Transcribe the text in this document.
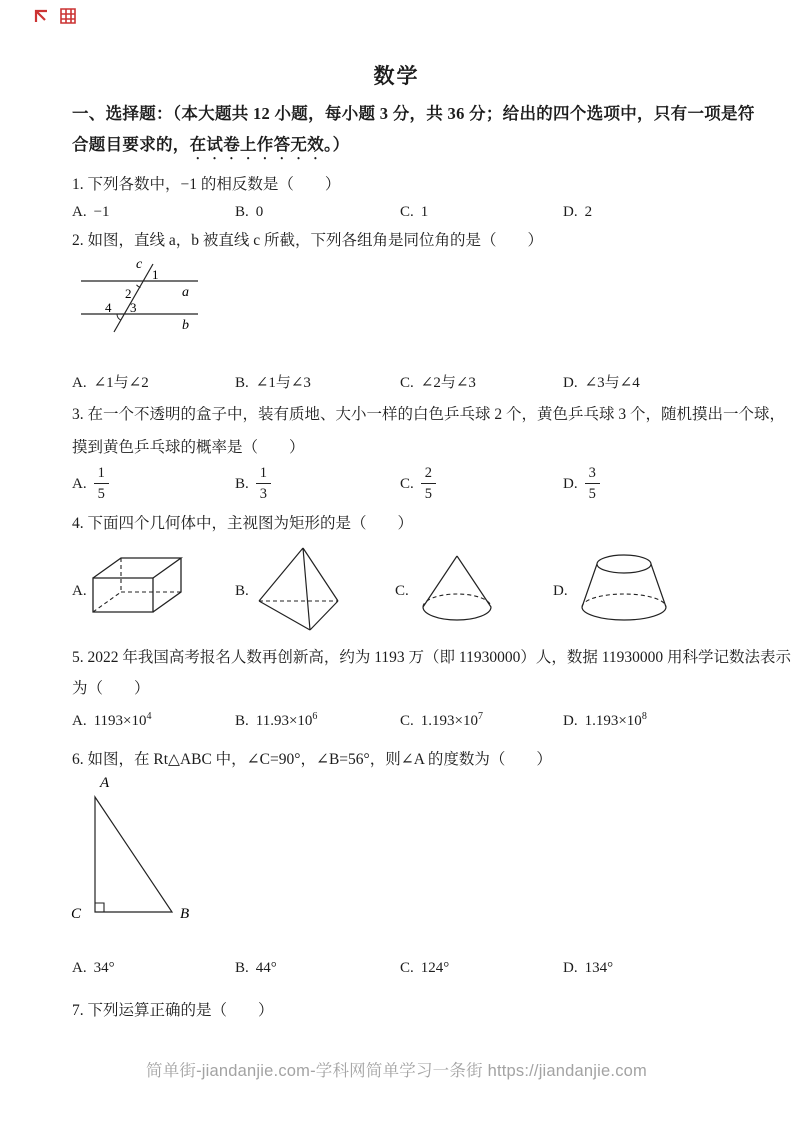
数学
一、选择题：（本大题共 12 小题，每小题 3 分，共 36 分；给出的四个选项中，只有一项是符
合题目要求的，在试卷上作答无效。）
1. 下列各数中，−1 的相反数是（　　）
A. −1	B. 0	C. 1	D. 2
2. 如图，直线 a，b 被直线 c 所截，下列各组角是同位角的是（　　）
c
a
b
1
2
3
4
A. ∠1与∠2	B. ∠1与∠3	C. ∠2与∠3	D. ∠3与∠4
3. 在一个不透明的盒子中，装有质地、大小一样的白色乒乓球 2 个，黄色乒乓球 3 个，随机摸出一个球，
摸到黄色乒乓球的概率是（　　）
A. $\frac{1}{5}$	B. $\frac{1}{3}$	C. $\frac{2}{5}$	D. $\frac{3}{5}$
4. 下面四个几何体中，主视图为矩形的是（　　）
A.	B.	C.	D.
5. 2022 年我国高考报名人数再创新高，约为 1193 万（即 11930000）人，数据 11930000 用科学记数法表示
为（　　）
A. $1193\times 10^4$	B. $11.93\times 10^6$	C. $1.193\times 10^7$	D. $1.193\times 10^8$
6. 如图，在 Rt△ABC 中，∠C=90°，∠B=56°，则∠A 的度数为（　　）
A
B
C
A. 34°	B. 44°	C. 124°	D. 134°
7. 下列运算正确的是（　　）
简单街-jiandanjie.com-学科网简单学习一条街 https://jiandanjie.com
